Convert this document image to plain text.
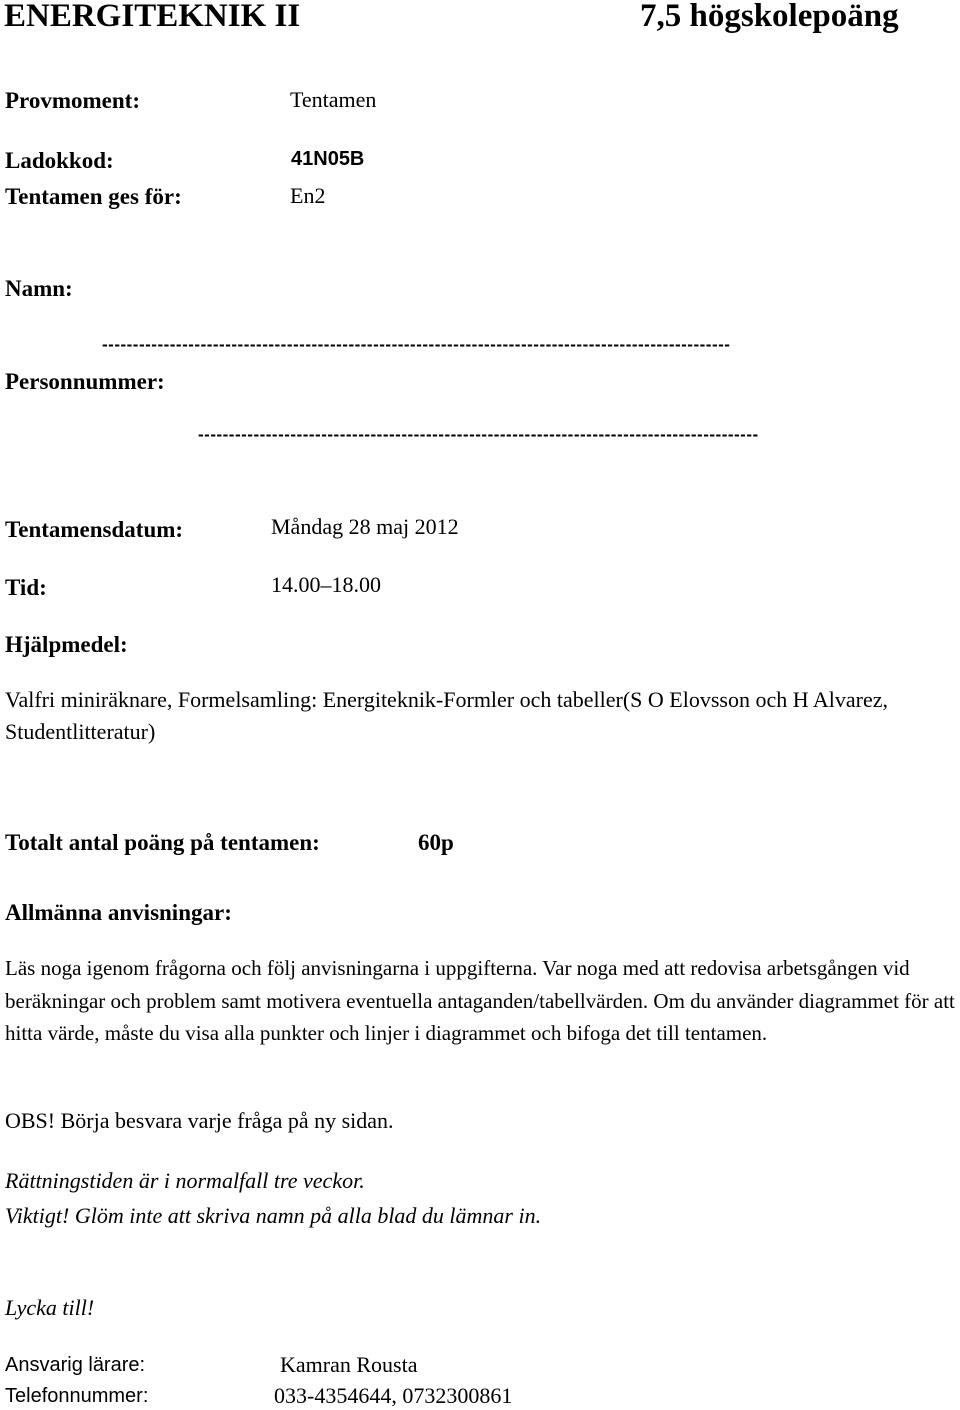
ENERGITEKNIK II	7,5 högskolepoäng
Provmoment:	Tentamen
Ladokkod:	41N05B
Tentamen ges för:	En2
Namn:
------------------------------------------------------------------------------------------------------
Personnummer:
-------------------------------------------------------------------------------------------
Tentamensdatum:	Måndag 28 maj 2012
Tid:	14.00–18.00
Hjälpmedel:
Valfri miniräknare, Formelsamling: Energiteknik-Formler och tabeller(S O Elovsson och H Alvarez, Studentlitteratur)
Totalt antal poäng på tentamen:	60p
Allmänna anvisningar:
Läs noga igenom frågorna och följ anvisningarna i uppgifterna. Var noga med att redovisa arbetsgången vid beräkningar och problem samt motivera eventuella antaganden/tabellvärden. Om du använder diagrammet för att hitta värde, måste du visa alla punkter och linjer i diagrammet och bifoga det till tentamen.
OBS! Börja besvara varje fråga på ny sidan.
Rättningstiden är i normalfall tre veckor.
Viktigt! Glöm inte att skriva namn på alla blad du lämnar in.
Lycka till!
Ansvarig lärare:	Kamran Rousta
Telefonnummer:	033-4354644, 0732300861
